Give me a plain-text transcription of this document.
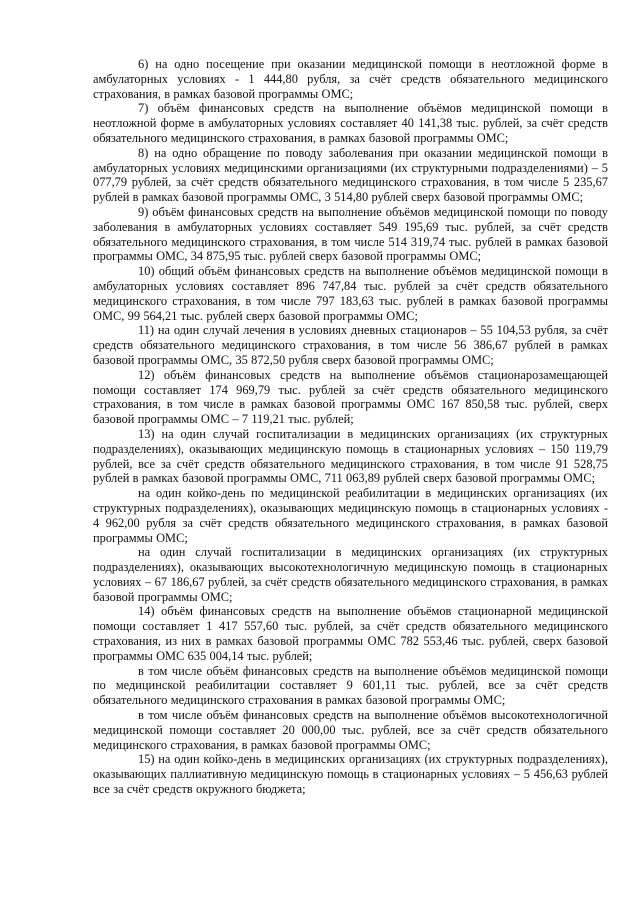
6) на одно посещение при оказании медицинской помощи в неотложной форме в амбулаторных условиях - 1 444,80 рубля, за счёт средств обязательного медицинского страхования, в рамках базовой программы ОМС;

7) объём финансовых средств на выполнение объёмов медицинской помощи в неотложной форме в амбулаторных условиях составляет 40 141,38 тыс. рублей, за счёт средств обязательного медицинского страхования, в рамках базовой программы ОМС;

8) на одно обращение по поводу заболевания при оказании медицинской помощи в амбулаторных условиях медицинскими организациями (их структурными подразделениями) – 5 077,79 рублей, за счёт средств обязательного медицинского страхования, в том числе 5 235,67 рублей в рамках базовой программы ОМС, 3 514,80 рублей сверх базовой программы ОМС;

9) объём финансовых средств на выполнение объёмов медицинской помощи по поводу заболевания в амбулаторных условиях составляет 549 195,69 тыс. рублей, за счёт средств обязательного медицинского страхования, в том числе 514 319,74 тыс. рублей в рамках базовой программы ОМС, 34 875,95 тыс. рублей сверх базовой программы ОМС;

10) общий объём финансовых средств на выполнение объёмов медицинской помощи в амбулаторных условиях составляет 896 747,84 тыс. рублей за счёт средств обязательного медицинского страхования, в том числе 797 183,63 тыс. рублей в рамках базовой программы ОМС, 99 564,21 тыс. рублей сверх базовой программы ОМС;

11) на один случай лечения в условиях дневных стационаров – 55 104,53 рубля, за счёт средств обязательного медицинского страхования, в том числе 56 386,67 рублей в рамках базовой программы ОМС, 35 872,50 рубля сверх базовой программы ОМС;

12) объём финансовых средств на выполнение объёмов стационарозамещающей помощи составляет 174 969,79 тыс. рублей за счёт средств обязательного медицинского страхования, в том числе в рамках базовой программы ОМС 167 850,58 тыс. рублей, сверх базовой программы ОМС – 7 119,21 тыс. рублей;

13) на один случай госпитализации в медицинских организациях (их структурных подразделениях), оказывающих медицинскую помощь в стационарных условиях – 150 119,79 рублей, все за счёт средств обязательного медицинского страхования, в том числе 91 528,75 рублей в рамках базовой программы ОМС, 711 063,89 рублей сверх базовой программы ОМС;

на один койко-день по медицинской реабилитации в медицинских организациях (их структурных подразделениях), оказывающих медицинскую помощь в стационарных условиях - 4 962,00 рубля за счёт средств обязательного медицинского страхования, в рамках базовой программы ОМС;

на один случай госпитализации в медицинских организациях (их структурных подразделениях), оказывающих высокотехнологичную медицинскую помощь в стационарных условиях – 67 186,67 рублей, за счёт средств обязательного медицинского страхования, в рамках базовой программы ОМС;

14) объём финансовых средств на выполнение объёмов стационарной медицинской помощи составляет 1 417 557,60 тыс. рублей, за счёт средств обязательного медицинского страхования, из них в рамках базовой программы ОМС 782 553,46 тыс. рублей, сверх базовой программы ОМС 635 004,14 тыс. рублей;

в том числе объём финансовых средств на выполнение объёмов медицинской помощи по медицинской реабилитации составляет 9 601,11 тыс. рублей, все за счёт средств обязательного медицинского страхования в рамках базовой программы ОМС;

в том числе объём финансовых средств на выполнение объёмов высокотехнологичной медицинской помощи составляет 20 000,00 тыс. рублей, все за счёт средств обязательного медицинского страхования, в рамках базовой программы ОМС;

15) на один койко-день в медицинских организациях (их структурных подразделениях), оказывающих паллиативную медицинскую помощь в стационарных условиях – 5 456,63 рублей все за счёт средств окружного бюджета;
